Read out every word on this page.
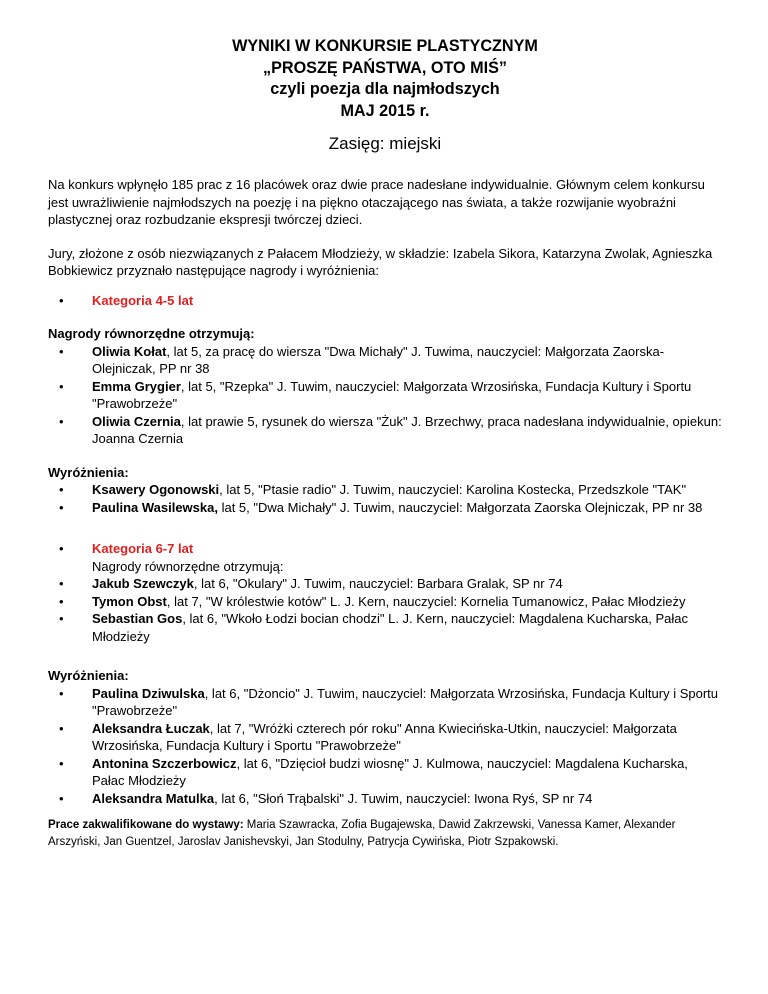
WYNIKI W KONKURSIE PLASTYCZNYM
„PROSZĘ PAŃSTWA, OTO MIŚ”
czyli poezja dla najmłodszych
MAJ 2015 r.
Zasięg: miejski

Na konkurs wpłynęło 185 prac z 16 placówek oraz dwie prace nadesłane indywidualnie. Głównym celem konkursu jest uwrażliwienie najmłodszych na poezję i na piękno otaczającego nas świata, a także rozwijanie wyobraźni plastycznej oraz rozbudzanie ekspresji twórczej dzieci.

Jury, złożone z osób niezwiązanych z Pałacem Młodzieży, w składzie: Izabela Sikora, Katarzyna Zwolak, Agnieszka Bobkiewicz przyznało następujące nagrody i wyróżnienia:

• Kategoria 4-5 lat
Nagrody równorzędne otrzymują:
• Oliwia Kołat, lat 5, za pracę do wiersza "Dwa Michały" J. Tuwima, nauczyciel: Małgorzata Zaorska-Olejniczak, PP nr 38
• Emma Grygier, lat 5, "Rzepka" J. Tuwim, nauczyciel: Małgorzata Wrzosińska, Fundacja Kultury i Sportu "Prawobrzeże"
• Oliwia Czernia, lat prawie 5, rysunek do wiersza "Żuk" J. Brzechwy, praca nadesłana indywidualnie, opiekun: Joanna Czernia
Wyróżnienia:
• Ksawery Ogonowski, lat 5, "Ptasie radio" J. Tuwim, nauczyciel: Karolina Kostecka, Przedszkole "TAK"
• Paulina Wasilewska, lat 5, "Dwa Michały" J. Tuwim, nauczyciel: Małgorzata Zaorska Olejniczak, PP nr 38
• Kategoria 6-7 lat
Nagrody równorzędne otrzymują:
• Jakub Szewczyk, lat 6, "Okulary" J. Tuwim, nauczyciel: Barbara Gralak, SP nr 74
• Tymon Obst, lat 7, "W królestwie kotów" L. J. Kern, nauczyciel: Kornelia Tumanowicz, Pałac Młodzieży
• Sebastian Gos, lat 6, "Wkoło Łodzi bocian chodzi" L. J. Kern, nauczyciel: Magdalena Kucharska, Pałac Młodzieży
Wyróżnienia:
• Paulina Dziwulska, lat 6, "Dżoncio" J. Tuwim, nauczyciel: Małgorzata Wrzosińska, Fundacja Kultury i Sportu "Prawobrzeże"
• Aleksandra Łuczak, lat 7, "Wróżki czterech pór roku" Anna Kwiecińska-Utkin, nauczyciel: Małgorzata Wrzosińska, Fundacja Kultury i Sportu "Prawobrzeże"
• Antonina Szczerbowicz, lat 6, "Dzięcioł budzi wiosnę" J. Kulmowa, nauczyciel: Magdalena Kucharska, Pałac Młodzieży
• Aleksandra Matulka, lat 6, "Słoń Trąbalski" J. Tuwim, nauczyciel: Iwona Ryś, SP nr 74
Prace zakwalifikowane do wystawy: Maria Szawracka, Zofia Bugajewska, Dawid Zakrzewski, Vanessa Kamer, Alexander Arszyński, Jan Guentzel, Jaroslav Janishevskyi, Jan Stodulny, Patrycja Cywińska, Piotr Szpakowski.
